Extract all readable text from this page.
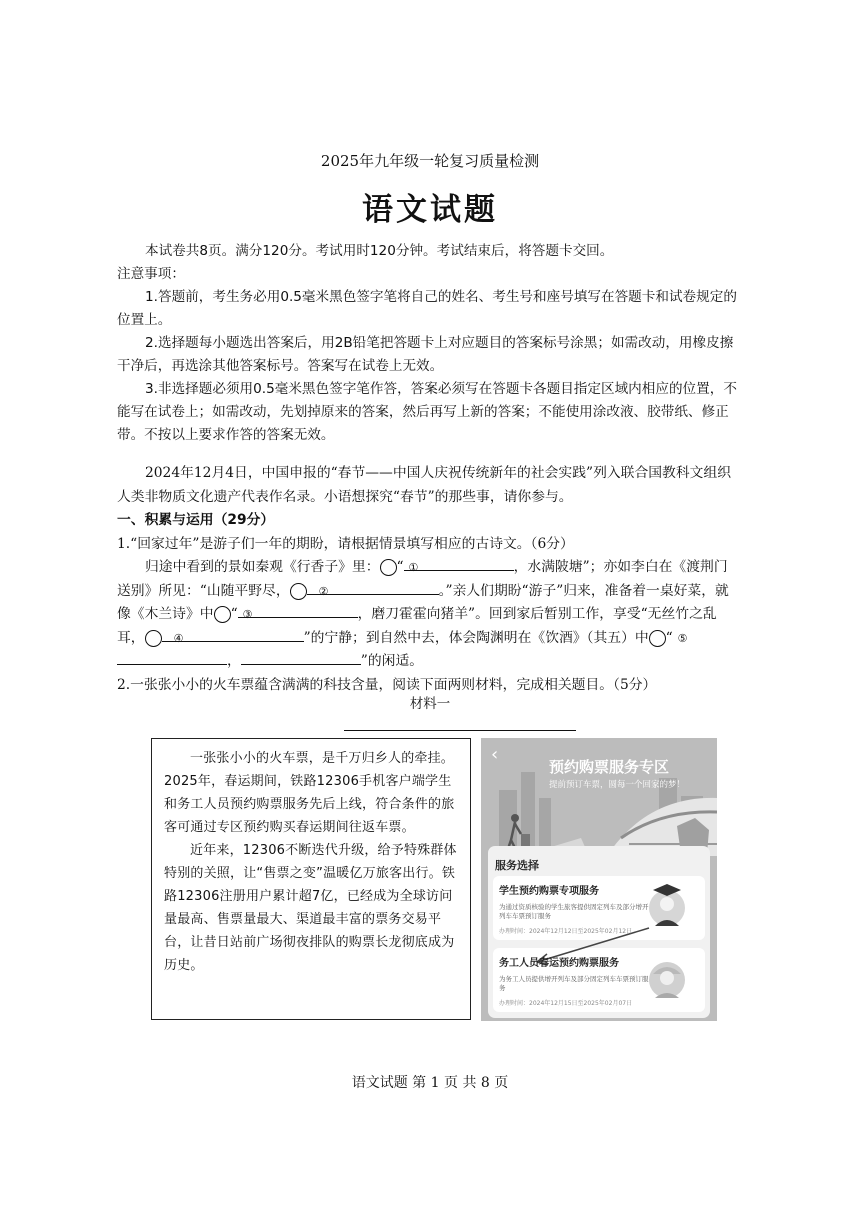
2025年九年级一轮复习质量检测
语文试题

本试卷共8页。满分120分。考试用时120分钟。考试结束后，将答题卡交回。

注意事项：

1.答题前，考生务必用0.5毫米黑色签字笔将自己的姓名、考生号和座号填写在答题卡和试卷规定的位置上。

2.选择题每小题选出答案后，用2B铅笔把答题卡上对应题目的答案标号涂黑；如需改动，用橡皮擦干净后，再选涂其他答案标号。答案写在试卷上无效。

3.非选择题必须用0.5毫米黑色签字笔作答，答案必须写在答题卡各题目指定区域内相应的位置，不能写在试卷上；如需改动，先划掉原来的答案，然后再写上新的答案；不能使用涂改液、胶带纸、修正带。不按以上要求作答的答案无效。

2024年12月4日，中国申报的“春节——中国人庆祝传统新年的社会实践”列入联合国教科文组织人类非物质文化遗产代表作名录。小语想探究“春节”的那些事，请你参与。

一、积累与运用（29分）

1.“回家过年”是游子们一年的期盼，请根据情景填写相应的古诗文。（6分）

归途中看到的景如秦观《行香子》里：	①“	，水满陂塘”；亦如李白在《渡荆门送别》所见：“山随平野尽，	②	。”亲人们期盼“游子”归来，准备着一桌好菜，就像《木兰诗》中	③“	，磨刀霍霍向猪羊”。回到家后暂别工作，享受“无丝竹之乱耳，	④	”的宁静；到自然中去，体会陶渊明在《饮酒》（其五）中	⑤“，	”的闲适。

2.一张张小小的火车票蕴含满满的科技含量，阅读下面两则材料，完成相关题目。（5分）

材料一

一张张小小的火车票，是千万归乡人的牵挂。2025年，春运期间，铁路12306手机客户端学生和务工人员预约购票服务先后上线，符合条件的旅客可通过专区预约购买春运期间往返车票。

近年来，12306不断迭代升级，给予特殊群体特别的关照，让“售票之变”温暖亿万旅客出行。铁路12306注册用户累计超7亿，已经成为全球访问量最高、售票量最大、渠道最丰富的票务交易平台，让昔日站前广场彻夜排队的购票长龙彻底成为历史。

‹
预约购票服务专区
提前预订车票，圆每一个回家的梦！
服务选择
学生预约购票专项服务
为通过资质核验的学生旅客提供固定列车及部分增开列车车票预订服务
办理时间：2024年12月12日至2025年02月12日
务工人员春运预约购票服务
为务工人员提供增开列车及部分固定列车车票预订服务
办理时间：2024年12月15日至2025年02月07日
语文试题 第 1 页 共 8 页
